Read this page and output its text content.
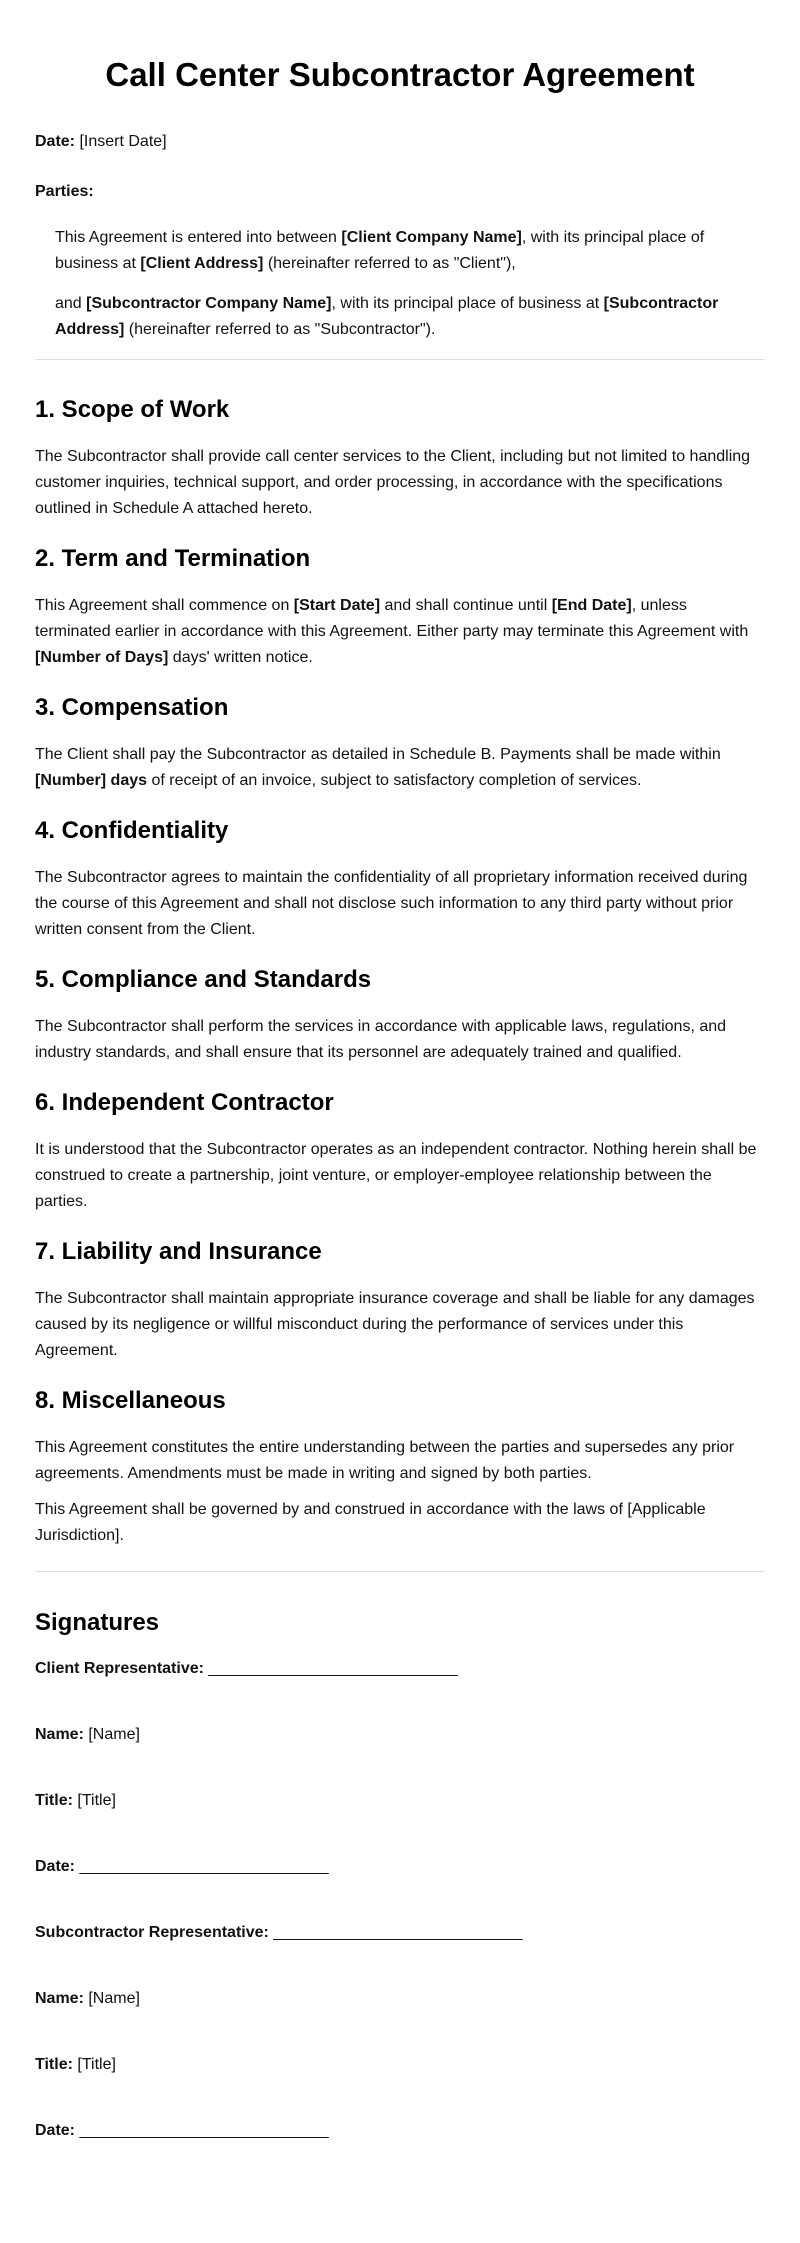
Call Center Subcontractor Agreement

Date: [Insert Date]

Parties:

This Agreement is entered into between [Client Company Name], with its principal place of business at [Client Address] (hereinafter referred to as "Client"),

and [Subcontractor Company Name], with its principal place of business at [Subcontractor Address] (hereinafter referred to as "Subcontractor").

1. Scope of Work

The Subcontractor shall provide call center services to the Client, including but not limited to handling customer inquiries, technical support, and order processing, in accordance with the specifications outlined in Schedule A attached hereto.

2. Term and Termination

This Agreement shall commence on [Start Date] and shall continue until [End Date], unless terminated earlier in accordance with this Agreement. Either party may terminate this Agreement with [Number of Days] days' written notice.

3. Compensation

The Client shall pay the Subcontractor as detailed in Schedule B. Payments shall be made within [Number] days of receipt of an invoice, subject to satisfactory completion of services.

4. Confidentiality

The Subcontractor agrees to maintain the confidentiality of all proprietary information received during the course of this Agreement and shall not disclose such information to any third party without prior written consent from the Client.

5. Compliance and Standards

The Subcontractor shall perform the services in accordance with applicable laws, regulations, and industry standards, and shall ensure that its personnel are adequately trained and qualified.

6. Independent Contractor

It is understood that the Subcontractor operates as an independent contractor. Nothing herein shall be construed to create a partnership, joint venture, or employer-employee relationship between the parties.

7. Liability and Insurance

The Subcontractor shall maintain appropriate insurance coverage and shall be liable for any damages caused by its negligence or willful misconduct during the performance of services under this Agreement.

8. Miscellaneous

This Agreement constitutes the entire understanding between the parties and supersedes any prior agreements. Amendments must be made in writing and signed by both parties.

This Agreement shall be governed by and construed in accordance with the laws of [Applicable Jurisdiction].

Signatures

Client Representative: ____________________________

Name: [Name]

Title: [Title]

Date: ____________________________

Subcontractor Representative: ____________________________

Name: [Name]

Title: [Title]

Date: ____________________________
